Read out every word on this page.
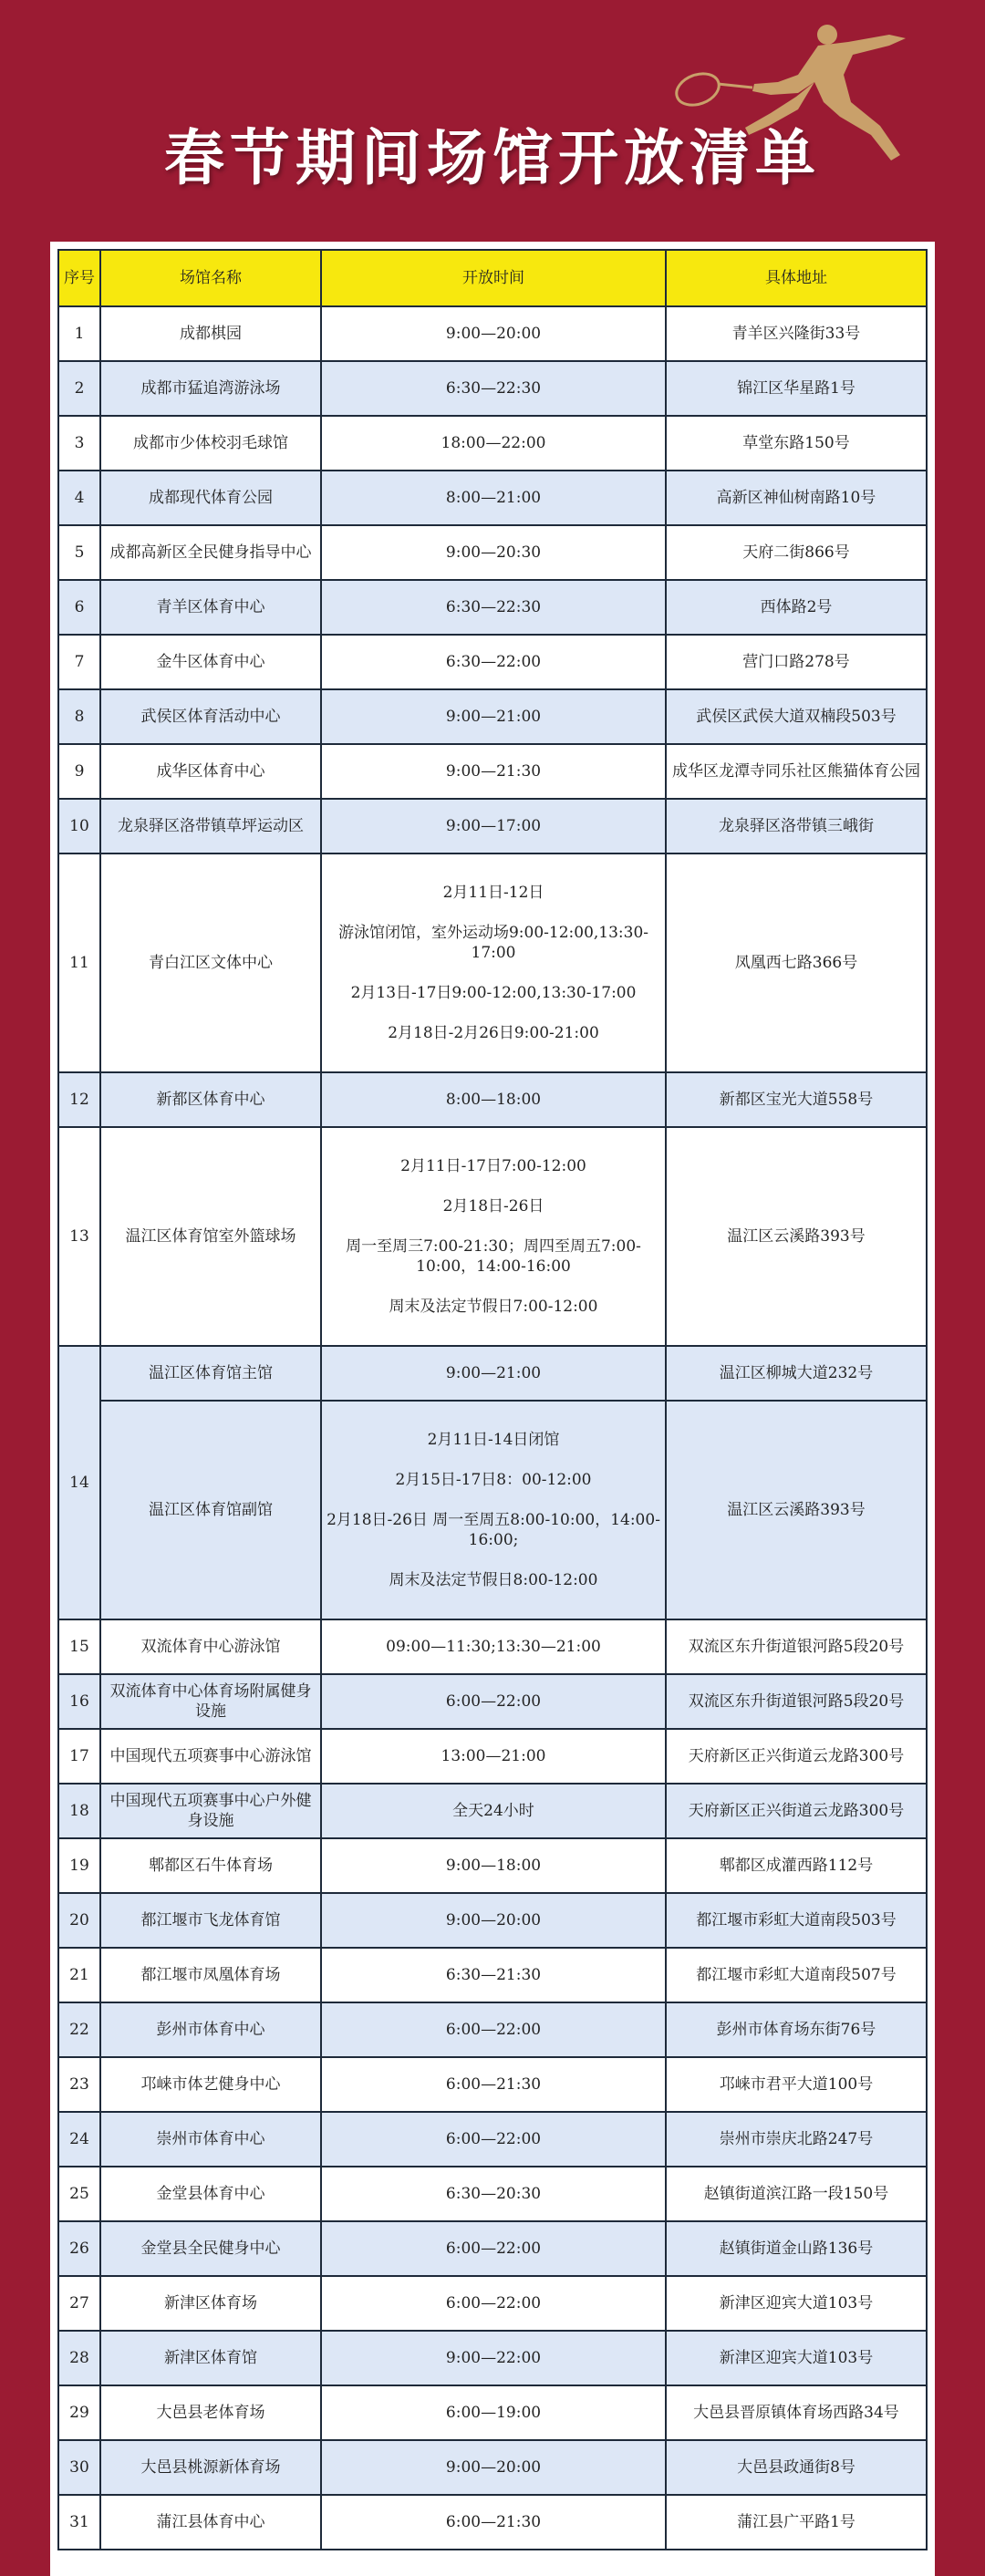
春节期间场馆开放清单
序号	场馆名称	开放时间	具体地址
1	成都棋园	9:00—20:00	青羊区兴隆街33号
2	成都市猛追湾游泳场	6:30—22:30	锦江区华星路1号
3	成都市少体校羽毛球馆	18:00—22:00	草堂东路150号
4	成都现代体育公园	8:00—21:00	高新区神仙树南路10号
5	成都高新区全民健身指导中心	9:00—20:30	天府二街866号
6	青羊区体育中心	6:30—22:30	西体路2号
7	金牛区体育中心	6:30—22:00	营门口路278号
8	武侯区体育活动中心	9:00—21:00	武侯区武侯大道双楠段503号
9	成华区体育中心	9:00—21:30	成华区龙潭寺同乐社区熊猫体育公园
10	龙泉驿区洛带镇草坪运动区	9:00—17:00	龙泉驿区洛带镇三峨街
11	青白江区文体中心	2月11日-12日
游泳馆闭馆，室外运动场9:00-12:00,13:30-17:00
2月13日-17日9:00-12:00,13:30-17:00
2月18日-2月26日9:00-21:00	凤凰西七路366号
12	新都区体育中心	8:00—18:00	新都区宝光大道558号
13	温江区体育馆室外篮球场	2月11日-17日7:00-12:00
2月18日-26日
周一至周三7:00-21:30；周四至周五7:00-10:00，14:00-16:00
周末及法定节假日7:00-12:00	温江区云溪路393号
14	温江区体育馆主馆	9:00—21:00	温江区柳城大道232号
	温江区体育馆副馆	2月11日-14日闭馆
2月15日-17日8：00-12:00
2月18日-26日 周一至周五8:00-10:00，14:00-16:00;
周末及法定节假日8:00-12:00	温江区云溪路393号
15	双流体育中心游泳馆	09:00—11:30;13:30—21:00	双流区东升街道银河路5段20号
16	双流体育中心体育场附属健身设施	6:00—22:00	双流区东升街道银河路5段20号
17	中国现代五项赛事中心游泳馆	13:00—21:00	天府新区正兴街道云龙路300号
18	中国现代五项赛事中心户外健身设施	全天24小时	天府新区正兴街道云龙路300号
19	郫都区石牛体育场	9:00—18:00	郫都区成灌西路112号
20	都江堰市飞龙体育馆	9:00—20:00	都江堰市彩虹大道南段503号
21	都江堰市凤凰体育场	6:30—21:30	都江堰市彩虹大道南段507号
22	彭州市体育中心	6:00—22:00	彭州市体育场东街76号
23	邛崃市体艺健身中心	6:00—21:30	邛崃市君平大道100号
24	崇州市体育中心	6:00—22:00	崇州市崇庆北路247号
25	金堂县体育中心	6:30—20:30	赵镇街道滨江路一段150号
26	金堂县全民健身中心	6:00—22:00	赵镇街道金山路136号
27	新津区体育场	6:00—22:00	新津区迎宾大道103号
28	新津区体育馆	9:00—22:00	新津区迎宾大道103号
29	大邑县老体育场	6:00—19:00	大邑县晋原镇体育场西路34号
30	大邑县桃源新体育场	9:00—20:00	大邑县政通街8号
31	蒲江县体育中心	6:00—21:30	蒲江县广平路1号
